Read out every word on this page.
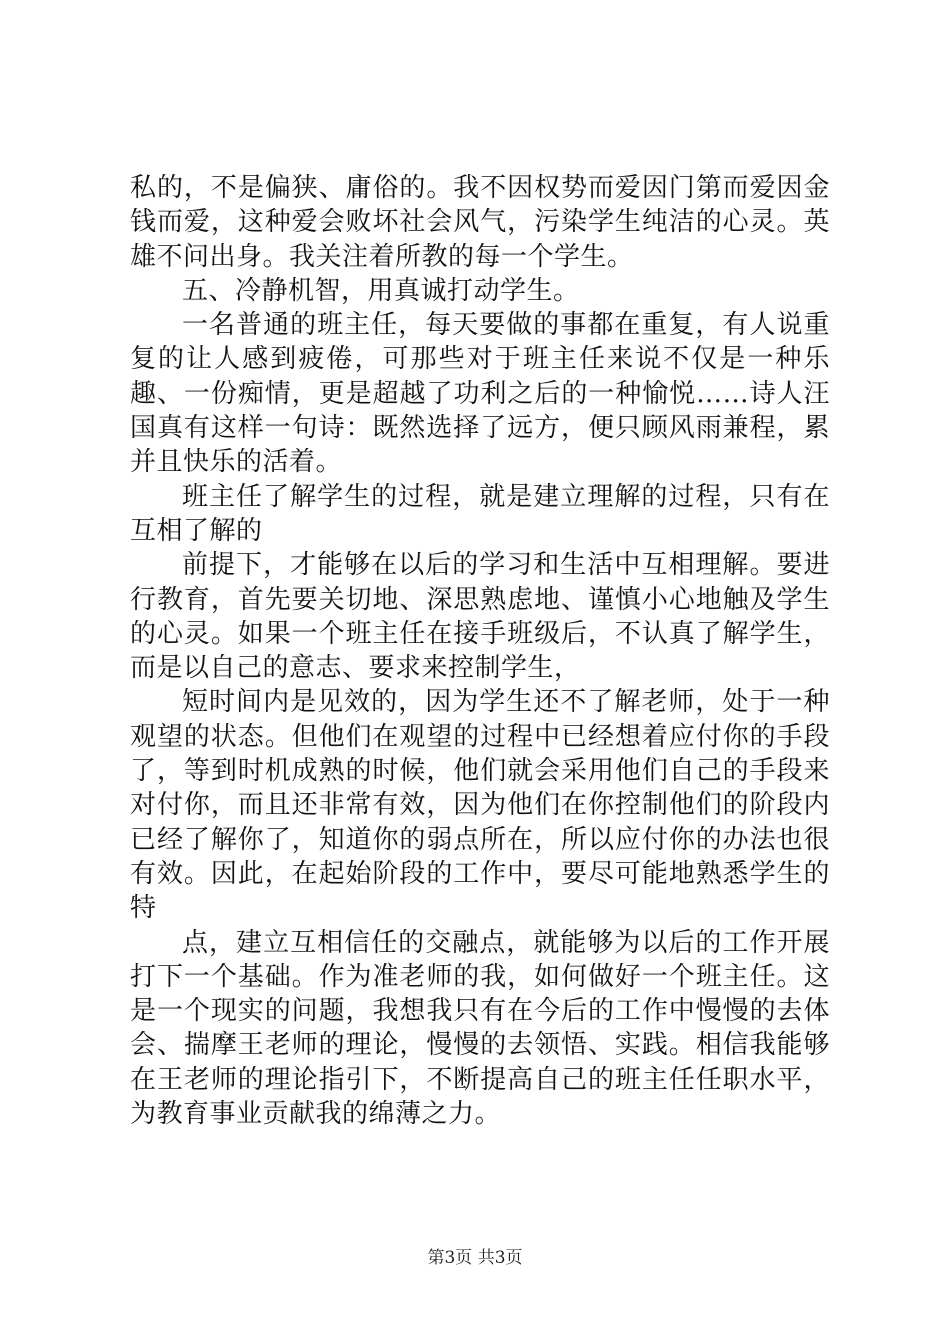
私的，不是偏狭、庸俗的。我不因权势而爱因门第而爱因金钱而爱，这种爱会败坏社会风气，污染学生纯洁的心灵。英雄不问出身。我关注着所教的每一个学生。

五、冷静机智，用真诚打动学生。

一名普通的班主任，每天要做的事都在重复，有人说重复的让人感到疲倦，可那些对于班主任来说不仅是一种乐趣、一份痴情，更是超越了功利之后的一种愉悦……诗人汪国真有这样一句诗：既然选择了远方，便只顾风雨兼程，累并且快乐的活着。

班主任了解学生的过程，就是建立理解的过程，只有在互相了解的

前提下，才能够在以后的学习和生活中互相理解。要进行教育，首先要关切地、深思熟虑地、谨慎小心地触及学生的心灵。如果一个班主任在接手班级后，不认真了解学生，而是以自己的意志、要求来控制学生，

短时间内是见效的，因为学生还不了解老师，处于一种观望的状态。但他们在观望的过程中已经想着应付你的手段了，等到时机成熟的时候，他们就会采用他们自己的手段来对付你，而且还非常有效，因为他们在你控制他们的阶段内已经了解你了，知道你的弱点所在，所以应付你的办法也很有效。因此，在起始阶段的工作中，要尽可能地熟悉学生的特

点，建立互相信任的交融点，就能够为以后的工作开展打下一个基础。作为准老师的我，如何做好一个班主任。这是一个现实的问题，我想我只有在今后的工作中慢慢的去体会、揣摩王老师的理论，慢慢的去领悟、实践。相信我能够在王老师的理论指引下，不断提高自己的班主任任职水平，为教育事业贡献我的绵薄之力。

第3页 共3页
